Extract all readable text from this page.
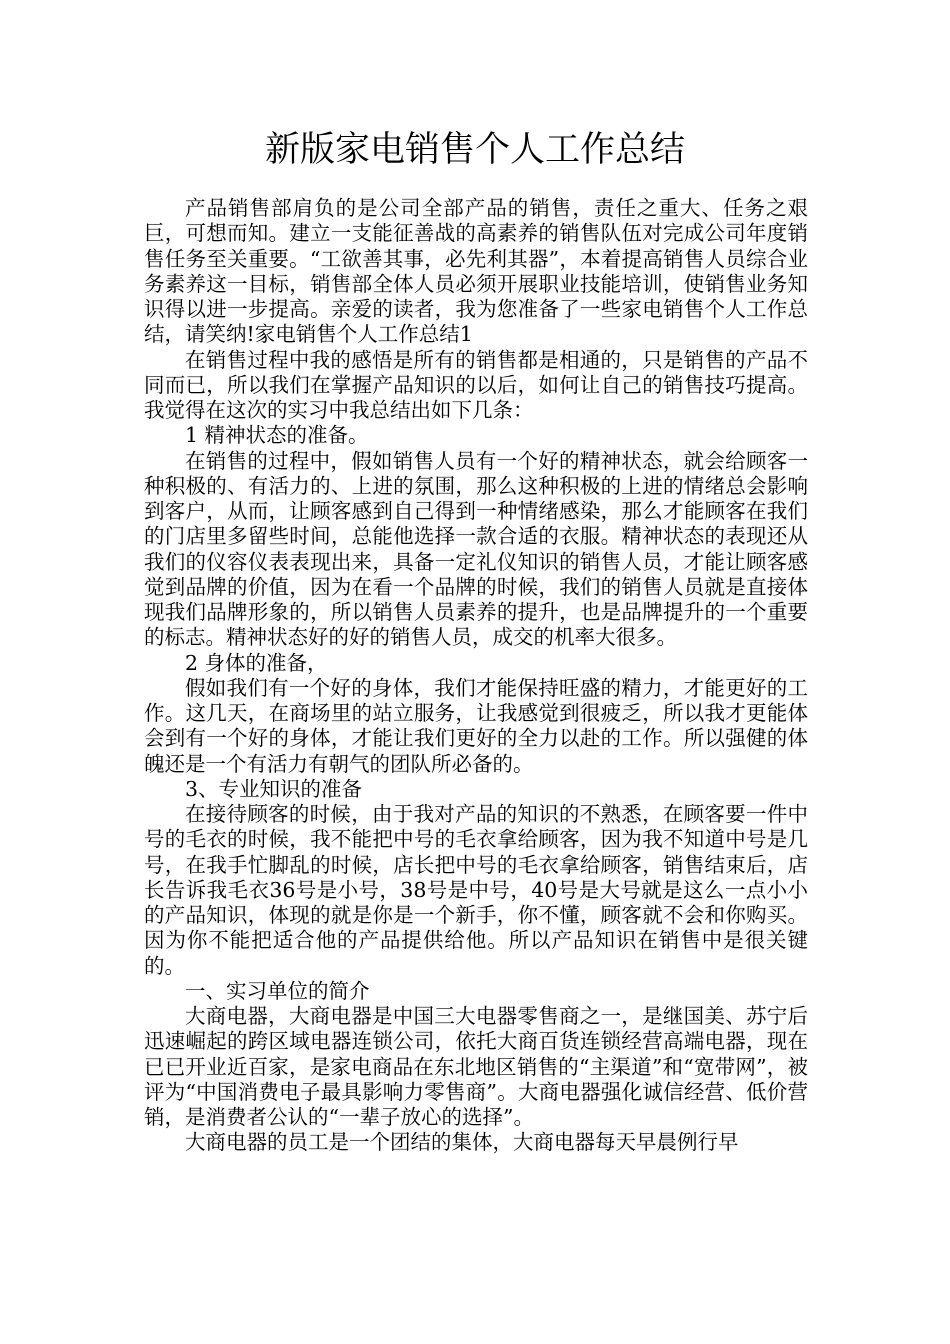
新版家电销售个人工作总结

产品销售部肩负的是公司全部产品的销售，责任之重大、任务之艰巨，可想而知。建立一支能征善战的高素养的销售队伍对完成公司年度销售任务至关重要。“工欲善其事，必先利其器”，本着提高销售人员综合业务素养这一目标，销售部全体人员必须开展职业技能培训，使销售业务知识得以进一步提高。亲爱的读者，我为您准备了一些家电销售个人工作总结，请笑纳!家电销售个人工作总结1

在销售过程中我的感悟是所有的销售都是相通的，只是销售的产品不同而已，所以我们在掌握产品知识的以后，如何让自己的销售技巧提高。我觉得在这次的实习中我总结出如下几条：

1 精神状态的准备。

在销售的过程中，假如销售人员有一个好的精神状态，就会给顾客一种积极的、有活力的、上进的氛围，那么这种积极的上进的情绪总会影响到客户，从而，让顾客感到自己得到一种情绪感染，那么才能顾客在我们的门店里多留些时间，总能他选择一款合适的衣服。精神状态的表现还从我们的仪容仪表表现出来，具备一定礼仪知识的销售人员，才能让顾客感觉到品牌的价值，因为在看一个品牌的时候，我们的销售人员就是直接体现我们品牌形象的，所以销售人员素养的提升，也是品牌提升的一个重要的标志。精神状态好的好的销售人员，成交的机率大很多。

2 身体的准备，

假如我们有一个好的身体，我们才能保持旺盛的精力，才能更好的工作。这几天，在商场里的站立服务，让我感觉到很疲乏，所以我才更能体会到有一个好的身体，才能让我们更好的全力以赴的工作。所以强健的体魄还是一个有活力有朝气的团队所必备的。

3、专业知识的准备

在接待顾客的时候，由于我对产品的知识的不熟悉，在顾客要一件中号的毛衣的时候，我不能把中号的毛衣拿给顾客，因为我不知道中号是几号，在我手忙脚乱的时候，店长把中号的毛衣拿给顾客，销售结束后，店长告诉我毛衣36号是小号，38号是中号，40号是大号就是这么一点小小的产品知识，体现的就是你是一个新手，你不懂，顾客就不会和你购买。因为你不能把适合他的产品提供给他。所以产品知识在销售中是很关键的。

一、实习单位的简介

大商电器，大商电器是中国三大电器零售商之一，是继国美、苏宁后迅速崛起的跨区域电器连锁公司，依托大商百货连锁经营高端电器，现在已已开业近百家，是家电商品在东北地区销售的“主渠道”和“宽带网”，被评为“中国消费电子最具影响力零售商”。大商电器强化诚信经营、低价营销，是消费者公认的“一辈子放心的选择”。

大商电器的员工是一个团结的集体，大商电器每天早晨例行早
